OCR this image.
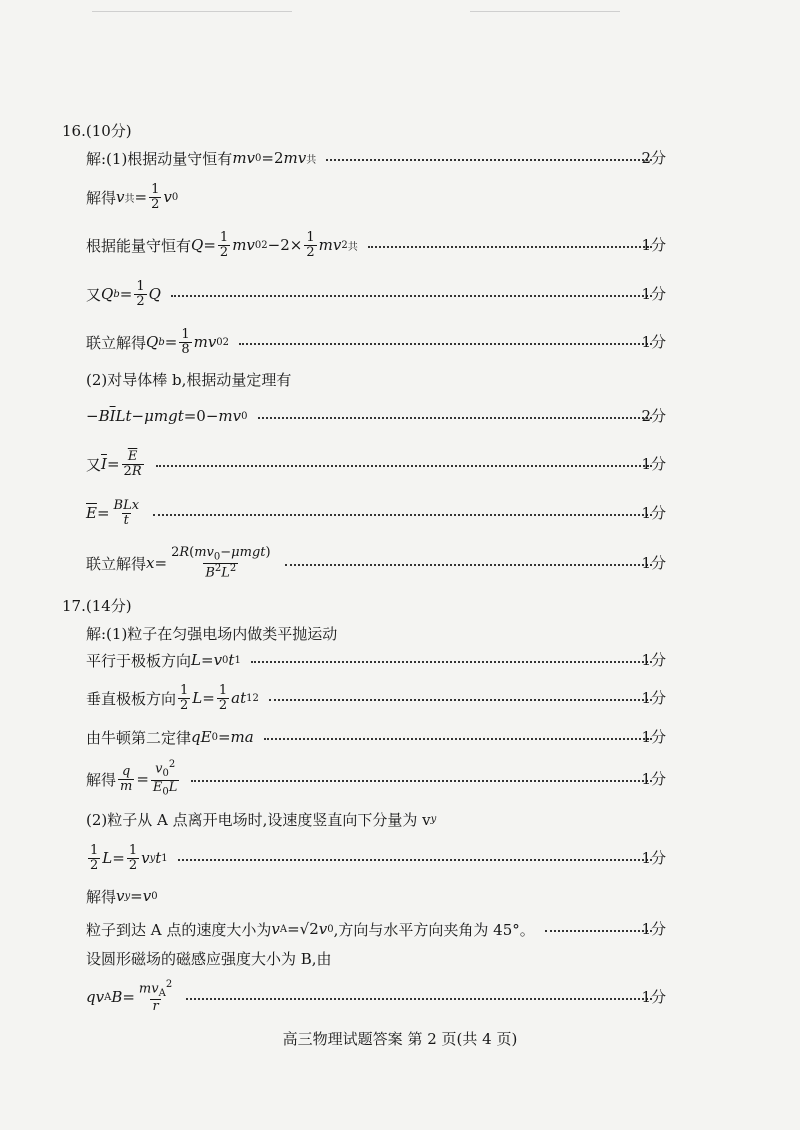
16.(10分)
解:(1)根据动量守恒有 mv 0 =2 mv 共	2分
解得 v 共 = $\frac{1}{2}$ v 0
根据能量守恒有 $Q = \frac{1}{2}$ mv 0 $2 -2\times \frac{1}{2}$ mv 2 共	1分
又 Q $b = \frac{1}{2}$ Q	1分
联立解得 Q $b = \frac{1}{8}$ mv 0 2	1分
(2)对导体棒 b,根据动量定理有
− B $\overline{I}$ Lt − μmgt =0− mv 0	2分
又 $\overline{I} = \frac{\overline{E}}{2R}$	1分
$\overline{E} = \frac{\text{BLx}}{t}$	1分
联立解得 $x = \frac{2R(mv_0-\mu mgt)}{B^2L^2}$	1分
17.(14分)
解:(1)粒子在匀强电场内做类平抛运动
平行于极板方向 L = v 0 t 1	1分
垂直极板方向 $\frac{1}{2}$ $L = \frac{1}{2}$ at 1 2	1分
由牛顿第二定律 qE 0 = ma	1分
解得 $\frac{q}{m} = \frac{v_0^2}{E_0L}$	1分
(2)粒子从 A 点离开电场时,设速度竖直向下分量为 v y
$\frac{1}{2}$ $L = \frac{1}{2}$ v y t 1	1分
解得 v y = v 0
粒子到达 A 点的速度大小为 v A =√2 v 0 ,方向与水平方向夹角为 45°。	1分
设圆形磁场的磁感应强度大小为 B,由
qv A $B = \frac{mv_A^2}{r}$	1分
高三物理试题答案 第 2 页(共 4 页)
